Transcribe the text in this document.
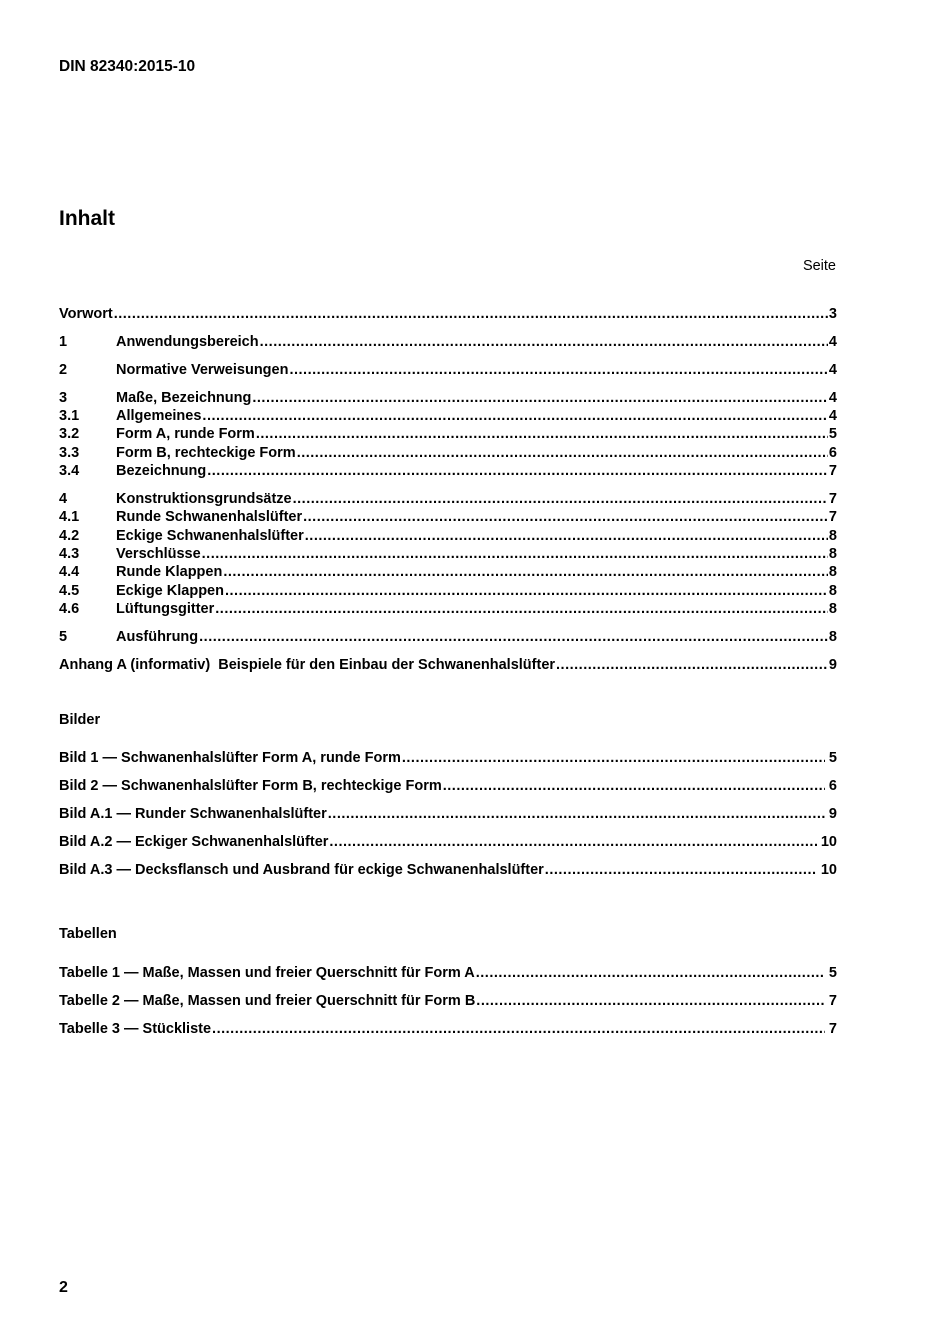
DIN 82340:2015-10
Inhalt
Seite
Vorwort .....	3
1	Anwendungsbereich .....	4
2	Normative Verweisungen .....	4
3	Maße, Bezeichnung .....	4
3.1	Allgemeines .....	4
3.2	Form A, runde Form .....	5
3.3	Form B, rechteckige Form .....	6
3.4	Bezeichnung .....	7
4	Konstruktionsgrundsätze .....	7
4.1	Runde Schwanenhalslüfter .....	7
4.2	Eckige Schwanenhalslüfter .....	8
4.3	Verschlüsse .....	8
4.4	Runde Klappen .....	8
4.5	Eckige Klappen .....	8
4.6	Lüftungsgitter .....	8
5	Ausführung .....	8
Anhang A (informativ)  Beispiele für den Einbau der Schwanenhalslüfter .....	9
Bilder
Bild 1 — Schwanenhalslüfter Form A, runde Form .....	5
Bild 2 — Schwanenhalslüfter Form B, rechteckige Form .....	6
Bild A.1 — Runder Schwanenhalslüfter .....	9
Bild A.2 — Eckiger Schwanenhalslüfter .....	10
Bild A.3 — Decksflansch und Ausbrand für eckige Schwanenhalslüfter .....	10
Tabellen
Tabelle 1 — Maße, Massen und freier Querschnitt für Form A .....	5
Tabelle 2 — Maße, Massen und freier Querschnitt für Form B .....	7
Tabelle 3 — Stückliste .....	7
2
